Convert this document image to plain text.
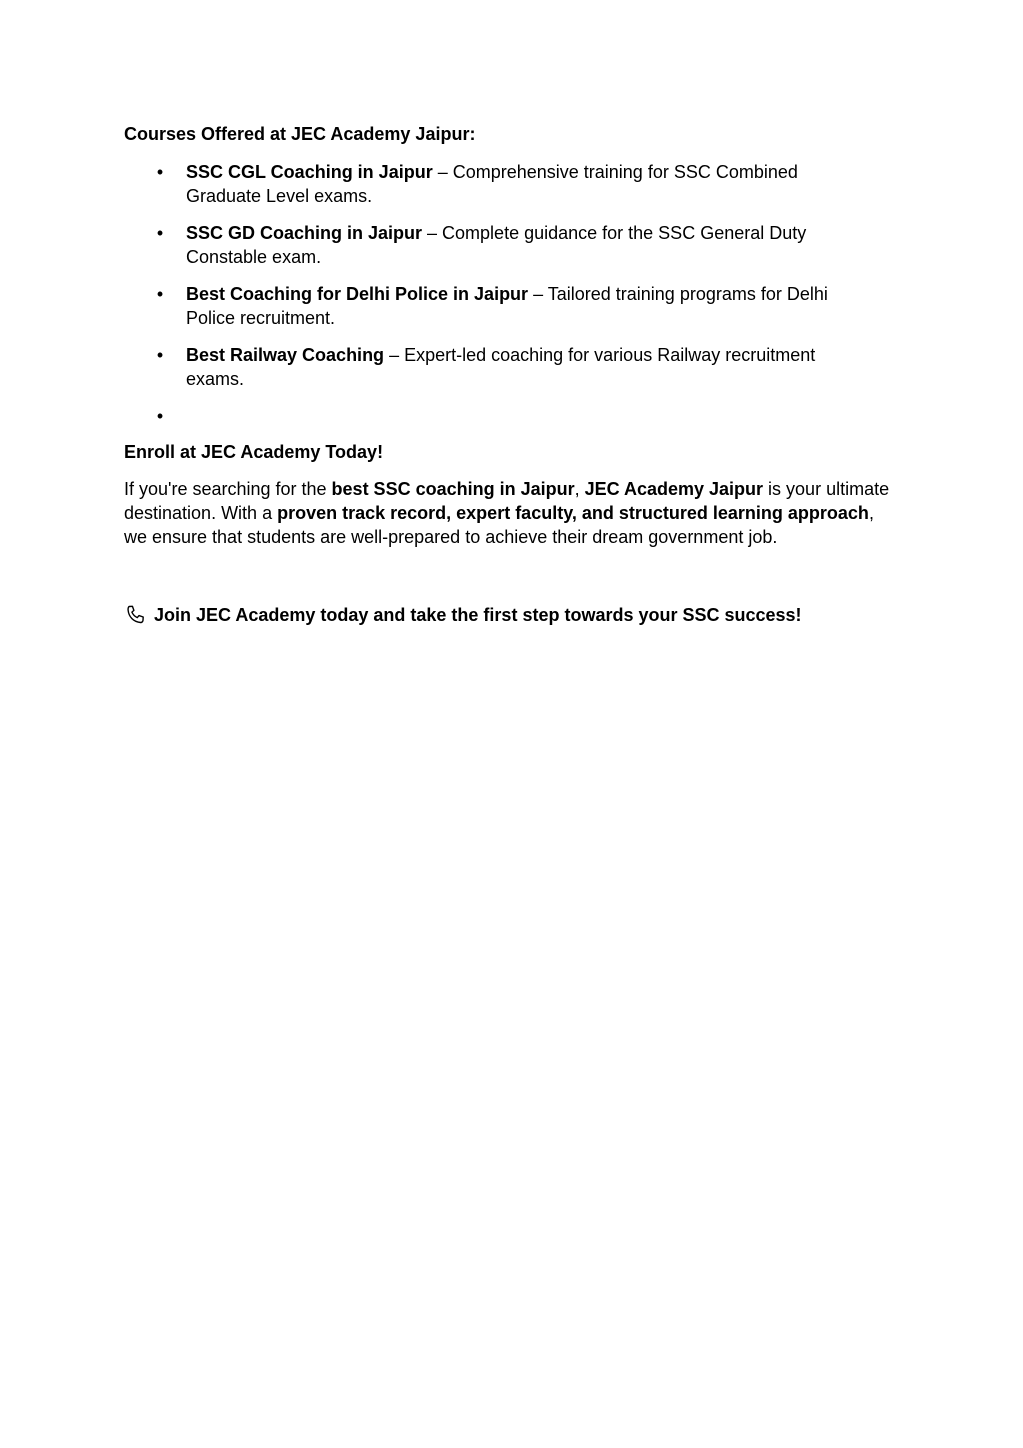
Courses Offered at JEC Academy Jaipur:

• SSC CGL Coaching in Jaipur – Comprehensive training for SSC Combined
Graduate Level exams.
• SSC GD Coaching in Jaipur – Complete guidance for the SSC General Duty
Constable exam.
• Best Coaching for Delhi Police in Jaipur – Tailored training programs for Delhi
Police recruitment.
• Best Railway Coaching – Expert-led coaching for various Railway recruitment
exams.
•

Enroll at JEC Academy Today!

If you're searching for the best SSC coaching in Jaipur, JEC Academy Jaipur is your ultimate destination. With a proven track record, expert faculty, and structured learning approach, we ensure that students are well-prepared to achieve their dream government job.

Join JEC Academy today and take the first step towards your SSC success!
